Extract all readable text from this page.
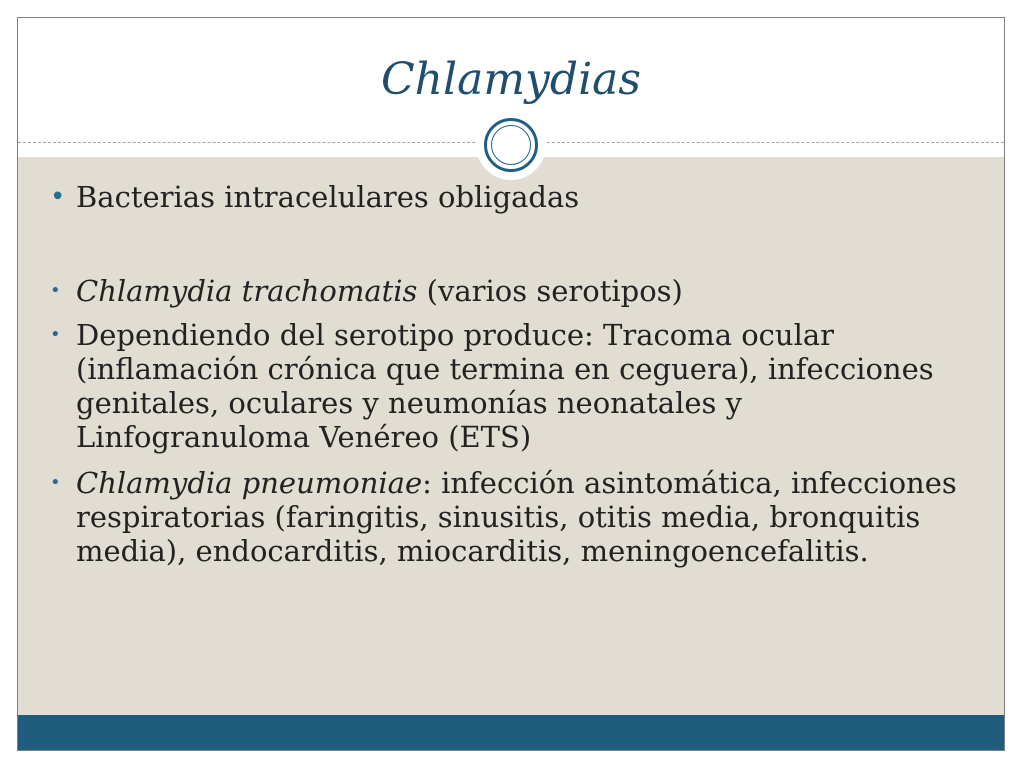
Chlamydias
• Bacterias intracelulares obligadas
• Chlamydia trachomatis (varios serotipos)
• Dependiendo del serotipo produce: Tracoma ocular (inflamación crónica que termina en ceguera), infecciones genitales, oculares y neumonías neonatales y Linfogranuloma Venéreo (ETS)
• Chlamydia pneumoniae: infección asintomática, infecciones respiratorias (faringitis, sinusitis, otitis media, bronquitis media), endocarditis, miocarditis, meningoencefalitis.
